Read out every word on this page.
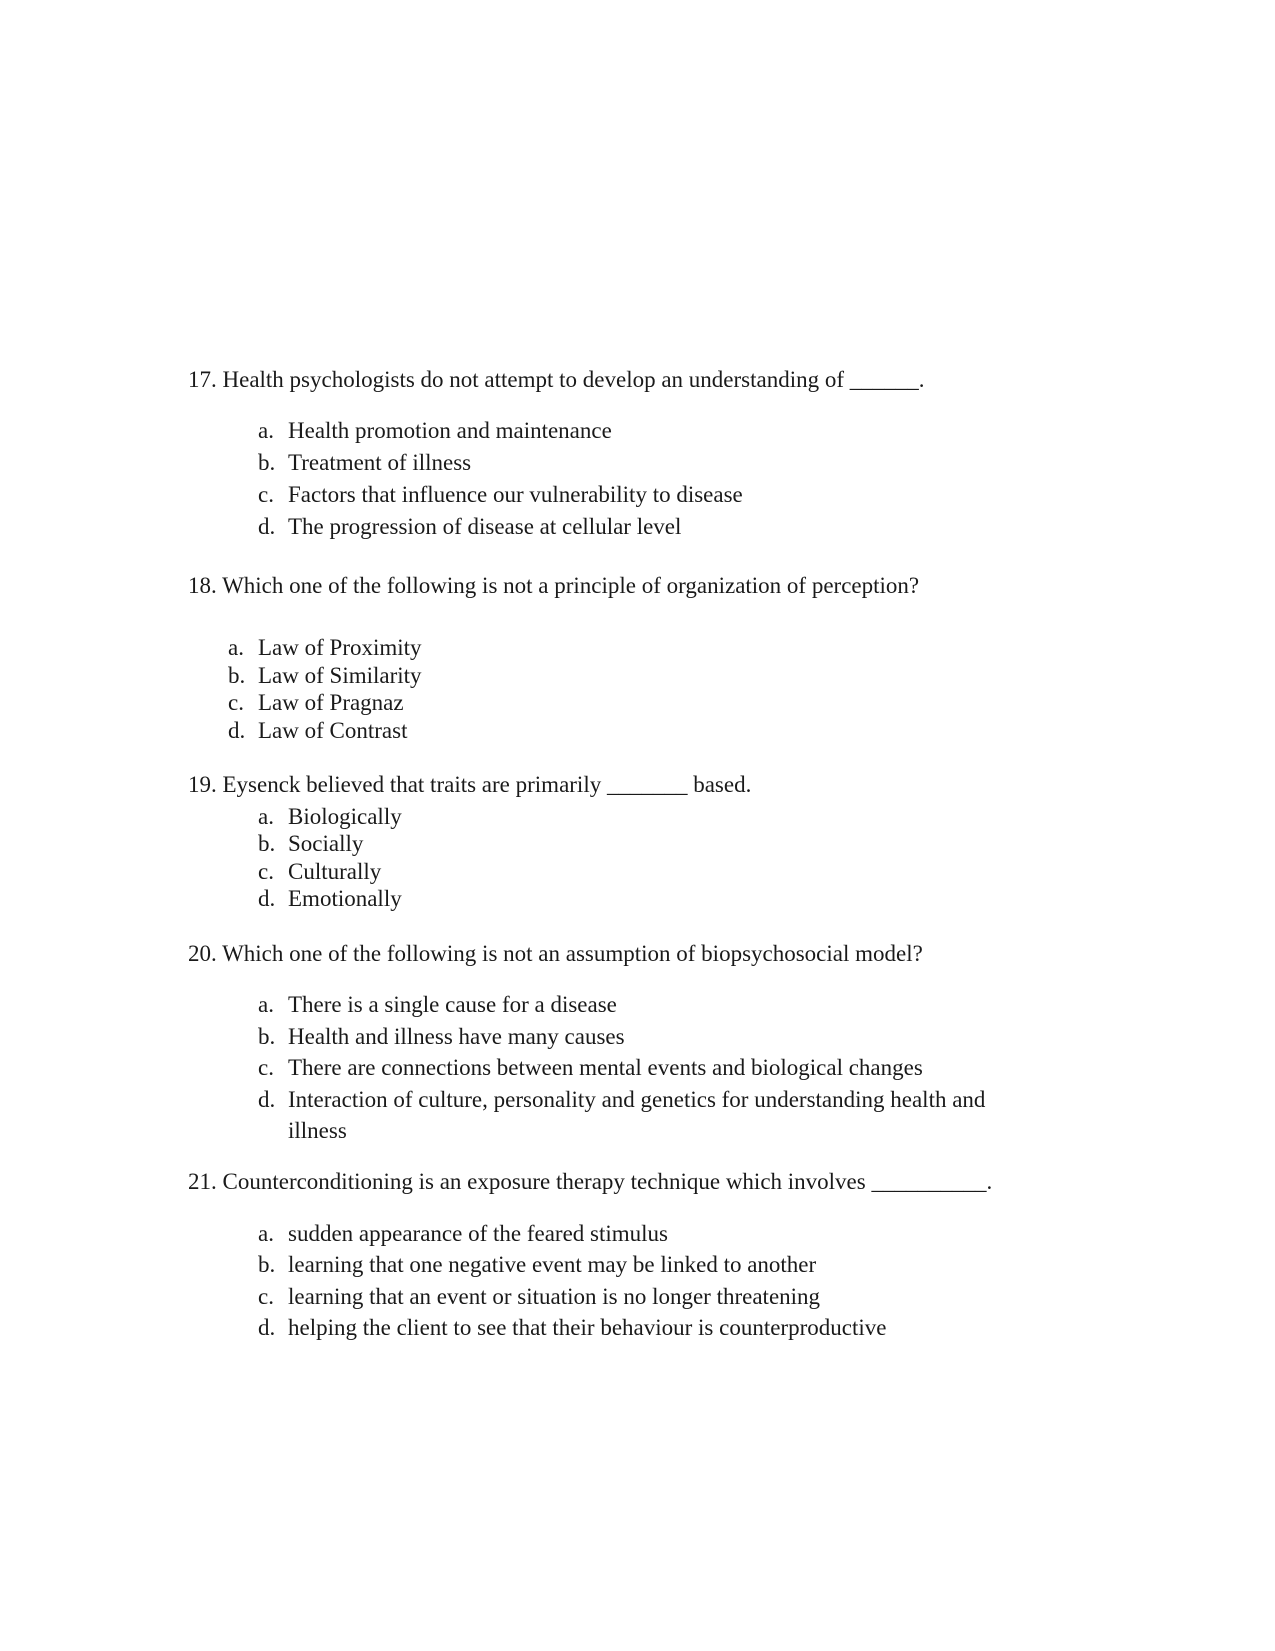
17. Health psychologists do not attempt to develop an understanding of ______.
a. Health promotion and maintenance
b. Treatment of illness
c. Factors that influence our vulnerability to disease
d. The progression of disease at cellular level
18. Which one of the following is not a principle of organization of perception?
a. Law of Proximity
b. Law of Similarity
c. Law of Pragnaz
d. Law of Contrast
19. Eysenck believed that traits are primarily _______ based.
a. Biologically
b. Socially
c. Culturally
d. Emotionally
20. Which one of the following is not an assumption of biopsychosocial model?
a. There is a single cause for a disease
b. Health and illness have many causes
c. There are connections between mental events and biological changes
d. Interaction of culture, personality and genetics for understanding health and
illness
21. Counterconditioning is an exposure therapy technique which involves __________.
a. sudden appearance of the feared stimulus
b. learning that one negative event may be linked to another
c. learning that an event or situation is no longer threatening
d. helping the client to see that their behaviour is counterproductive
